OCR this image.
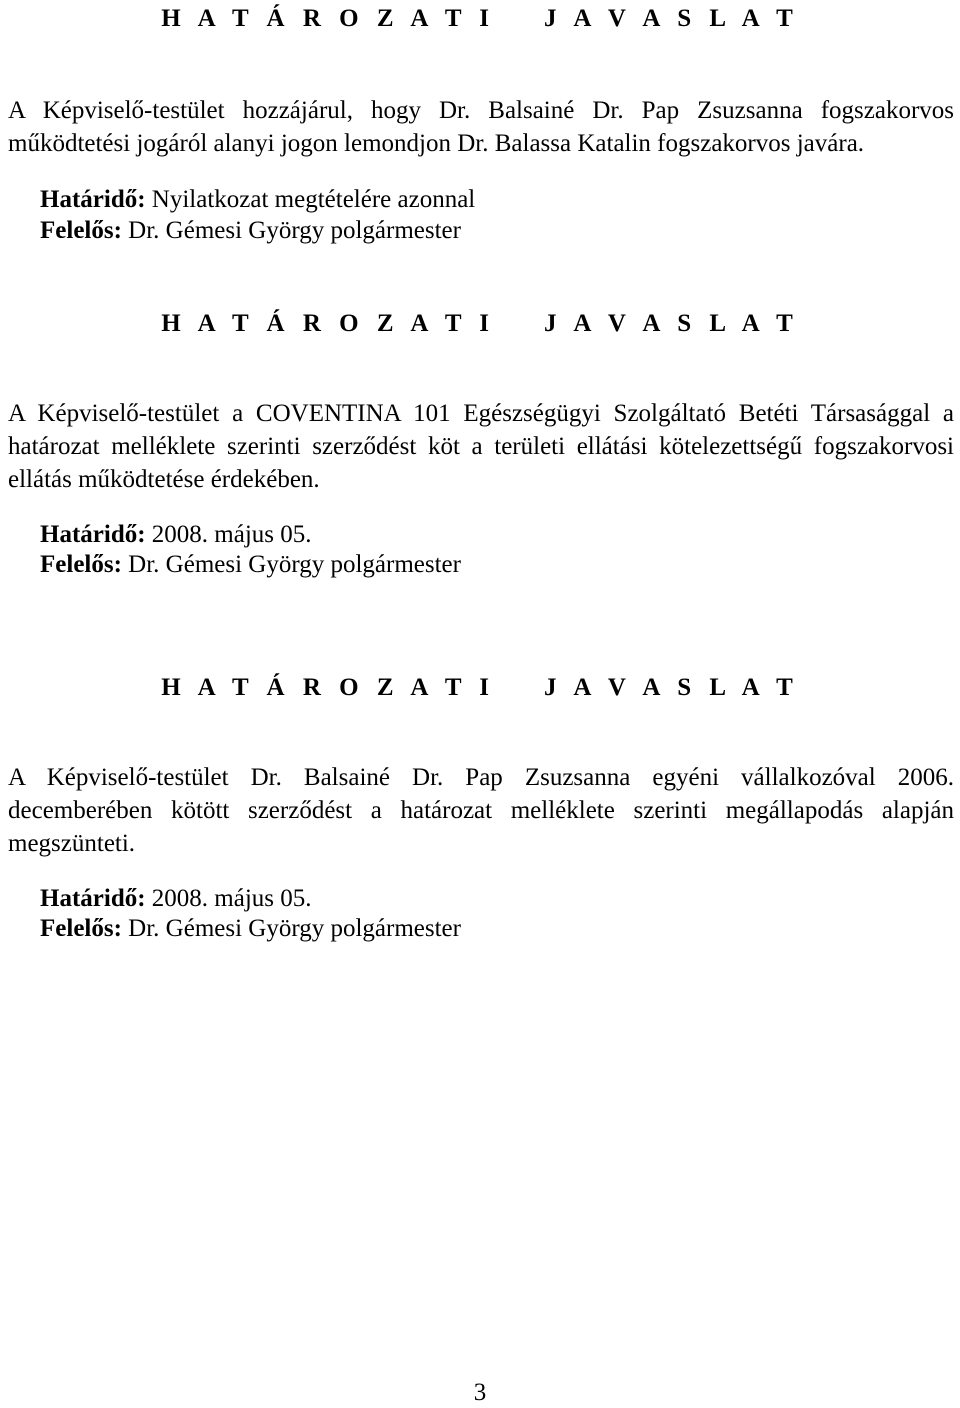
H A T Á R O Z A T I    J A V A S L A T
A Képviselő-testület hozzájárul, hogy Dr. Balsainé Dr. Pap Zsuzsanna fogszakorvos
működtetési jogáról alanyi jogon lemondjon Dr. Balassa Katalin fogszakorvos javára.
Határidő: Nyilatkozat megtételére azonnal
Felelős: Dr. Gémesi György polgármester
H A T Á R O Z A T I    J A V A S L A T
A Képviselő-testület a COVENTINA 101 Egészségügyi Szolgáltató Betéti Társasággal a
határozat melléklete szerinti szerződést köt a területi ellátási kötelezettségű fogszakorvosi
ellátás működtetése érdekében.
Határidő: 2008. május 05.
Felelős: Dr. Gémesi György polgármester
H A T Á R O Z A T I    J A V A S L A T
A Képviselő-testület Dr. Balsainé Dr. Pap Zsuzsanna egyéni vállalkozóval 2006.
decemberében kötött szerződést a határozat melléklete szerinti megállapodás alapján
megszünteti.
Határidő: 2008. május 05.
Felelős: Dr. Gémesi György polgármester
3
